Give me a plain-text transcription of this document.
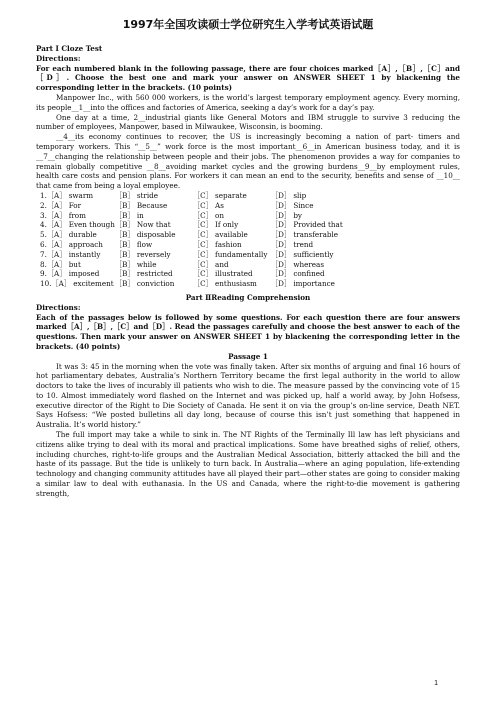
1997年全国攻读硕士学位研究生入学考试英语试题

Part Ⅰ Cloze Test

Directions:

For each numbered blank in the following passage, there are four choices marked［A］,［B］,［C］and［D］. Choose the best one and mark your answer on ANSWER SHEET 1 by blackening the corresponding letter in the brackets. (10 points)

Manpower Inc., with 560 000 workers, is the world’s largest temporary employment agency. Every morning, its people__1__into the offices and factories of America, seeking a day’s work for a day’s pay.

One day at a time, 2__industrial giants like General Motors and IBM struggle to survive 3 reducing the number of employees, Manpower, based in Milwaukee, Wisconsin, is booming.

__4__its economy continues to recover, the US is increasingly becoming a nation of part- timers and temporary workers. This “__5__” work force is the most important__6__in American business today, and it is __7__changing the relationship between people and their jobs. The phenomenon provides a way for companies to remain globally competitive __8__avoiding market cycles and the growing burdens__9__by employment rules, health care costs and pension plans. For workers it can mean an end to the security, benefits and sense of __10__ that came from being a loyal employee.

1.［A］ swarm	［B］ stride	［C］ separate	［D］ slip
2.［A］ For	［B］ Because	［C］ As	［D］ Since
3.［A］ from	［B］ in	［C］ on	［D］ by
4.［A］ Even though	［B］ Now that	［C］ If only	［D］ Provided that
5.［A］ durable	［B］ disposable	［C］ available	［D］ transferable
6.［A］ approach	［B］ flow	［C］ fashion	［D］ trend
7.［A］ instantly	［B］ reversely	［C］ fundamentally	［D］ sufficiently
8.［A］ but	［B］ while	［C］ and	［D］ whereas
9.［A］ imposed	［B］ restricted	［C］ illustrated	［D］ confined
10.［A］ excitement	［B］ conviction	［C］ enthusiasm	［D］ importance

Part ⅡReading Comprehension

Directions:

Each of the passages below is followed by some questions. For each question there are four answers marked［A］,［B］,［C］and［D］. Read the passages carefully and choose the best answer to each of the questions. Then mark your answer on ANSWER SHEET 1 by blackening the corresponding letter in the brackets. (40 points)

Passage 1

It was 3: 45 in the morning when the vote was finally taken. After six months of arguing and final 16 hours of hot parliamentary debates, Australia’s Northern Territory became the first legal authority in the world to allow doctors to take the lives of incurably ill patients who wish to die. The measure passed by the convincing vote of 15 to 10. Almost immediately word flashed on the Internet and was picked up, half a world away, by John Hofsess, executive director of the Right to Die Society of Canada. He sent it on via the group’s on-line service, Death NET. Says Hofsess: “We posted bulletins all day long, because of course this isn’t just something that happened in Australia. It’s world history.”

The full import may take a while to sink in. The NT Rights of the Terminally Ill law has left physicians and citizens alike trying to deal with its moral and practical implications. Some have breathed sighs of relief, others, including churches, right-to-life groups and the Australian Medical Association, bitterly attacked the bill and the haste of its passage. But the tide is unlikely to turn back. In Australia—where an aging population, life-extending technology and changing community attitudes have all played their part—other states are going to consider making a similar law to deal with euthanasia. In the US and Canada, where the right-to-die movement is gathering strength,

1
